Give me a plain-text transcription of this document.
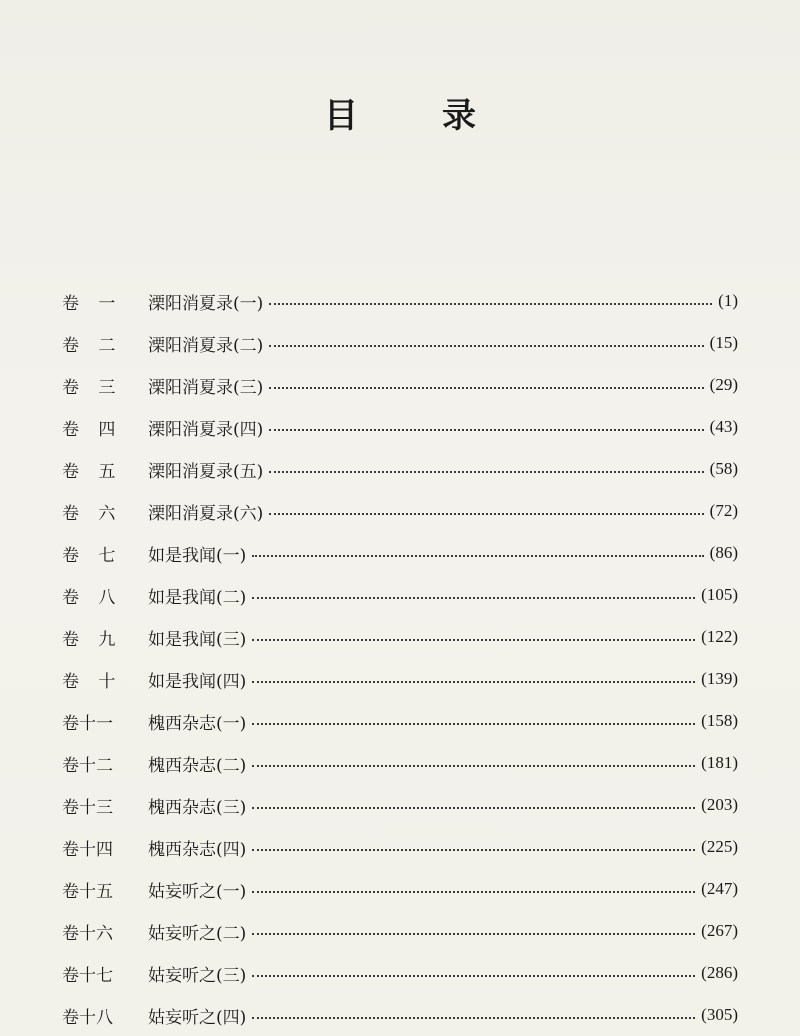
目 录
卷 一	溧阳消夏录(一)	(1)
卷 二	溧阳消夏录(二)	(15)
卷 三	溧阳消夏录(三)	(29)
卷 四	溧阳消夏录(四)	(43)
卷 五	溧阳消夏录(五)	(58)
卷 六	溧阳消夏录(六)	(72)
卷 七	如是我闻(一)	(86)
卷 八	如是我闻(二)	(105)
卷 九	如是我闻(三)	(122)
卷 十	如是我闻(四)	(139)
卷十一	槐西杂志(一)	(158)
卷十二	槐西杂志(二)	(181)
卷十三	槐西杂志(三)	(203)
卷十四	槐西杂志(四)	(225)
卷十五	姑妄听之(一)	(247)
卷十六	姑妄听之(二)	(267)
卷十七	姑妄听之(三)	(286)
卷十八	姑妄听之(四)	(305)
